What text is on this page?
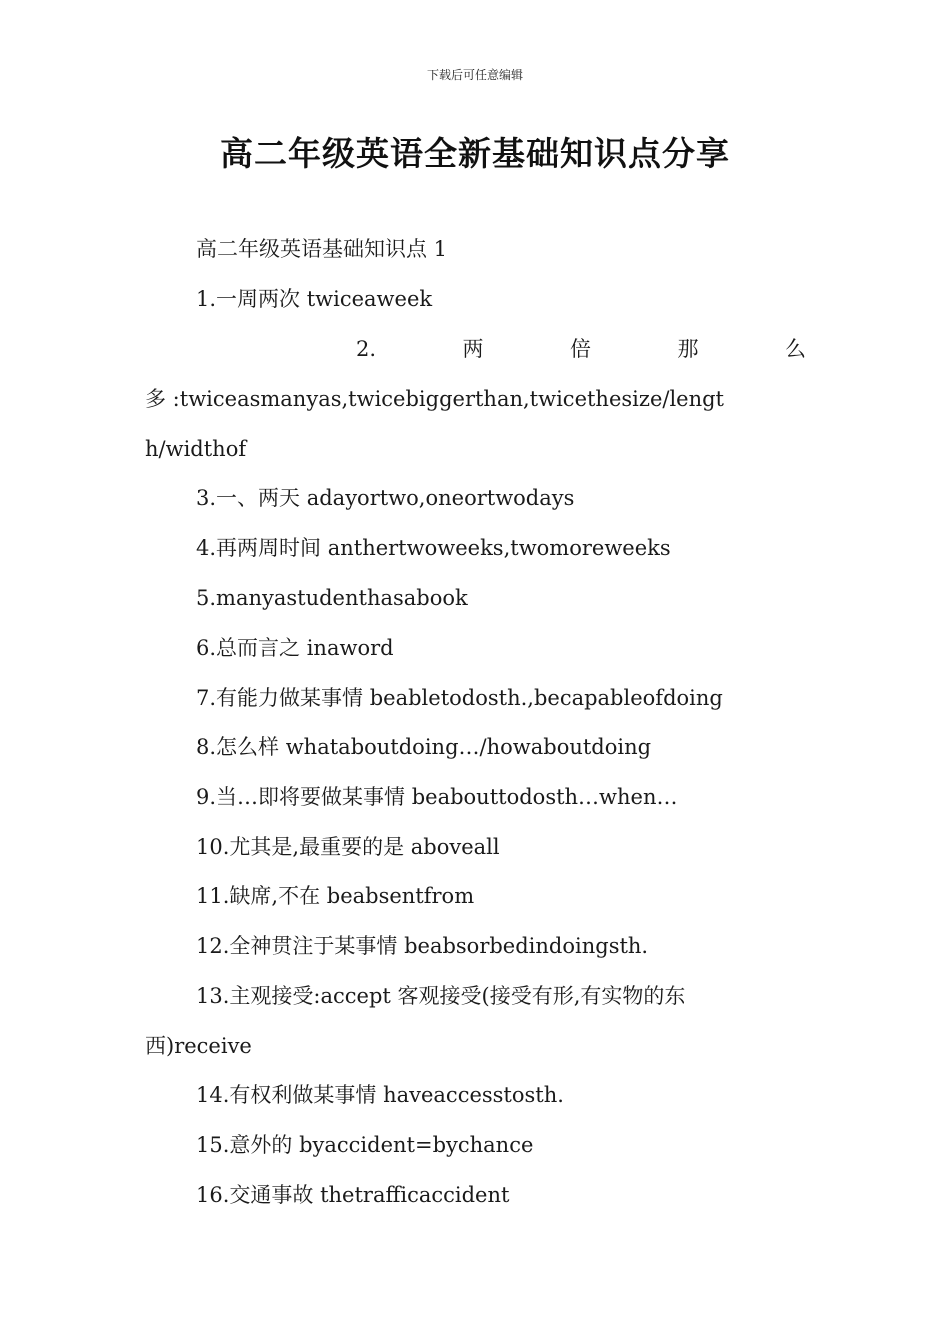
下载后可任意编辑
高二年级英语全新基础知识点分享
高二年级英语基础知识点 1
1.一周两次 twiceaweek
2.	两	倍	那	么
多 :twiceasmanyas,twicebiggerthan,twicethesize/lengt
h/widthof
3.一、两天 adayortwo,oneortwodays
4.再两周时间 anthertwoweeks,twomoreweeks
5.manyastudenthasabook
6.总而言之 inaword
7.有能力做某事情 beabletodosth.,becapableofdoing
8.怎么样 whataboutdoing…/howaboutdoing
9.当…即将要做某事情 beabouttodosth…when…
10.尤其是,最重要的是 aboveall
11.缺席,不在 beabsentfrom
12.全神贯注于某事情 beabsorbedindoingsth.
13.主观接受:accept 客观接受(接受有形,有实物的东
西)receive
14.有权利做某事情 haveaccesstosth.
15.意外的 byaccident=bychance
16.交通事故 thetrafficaccident
